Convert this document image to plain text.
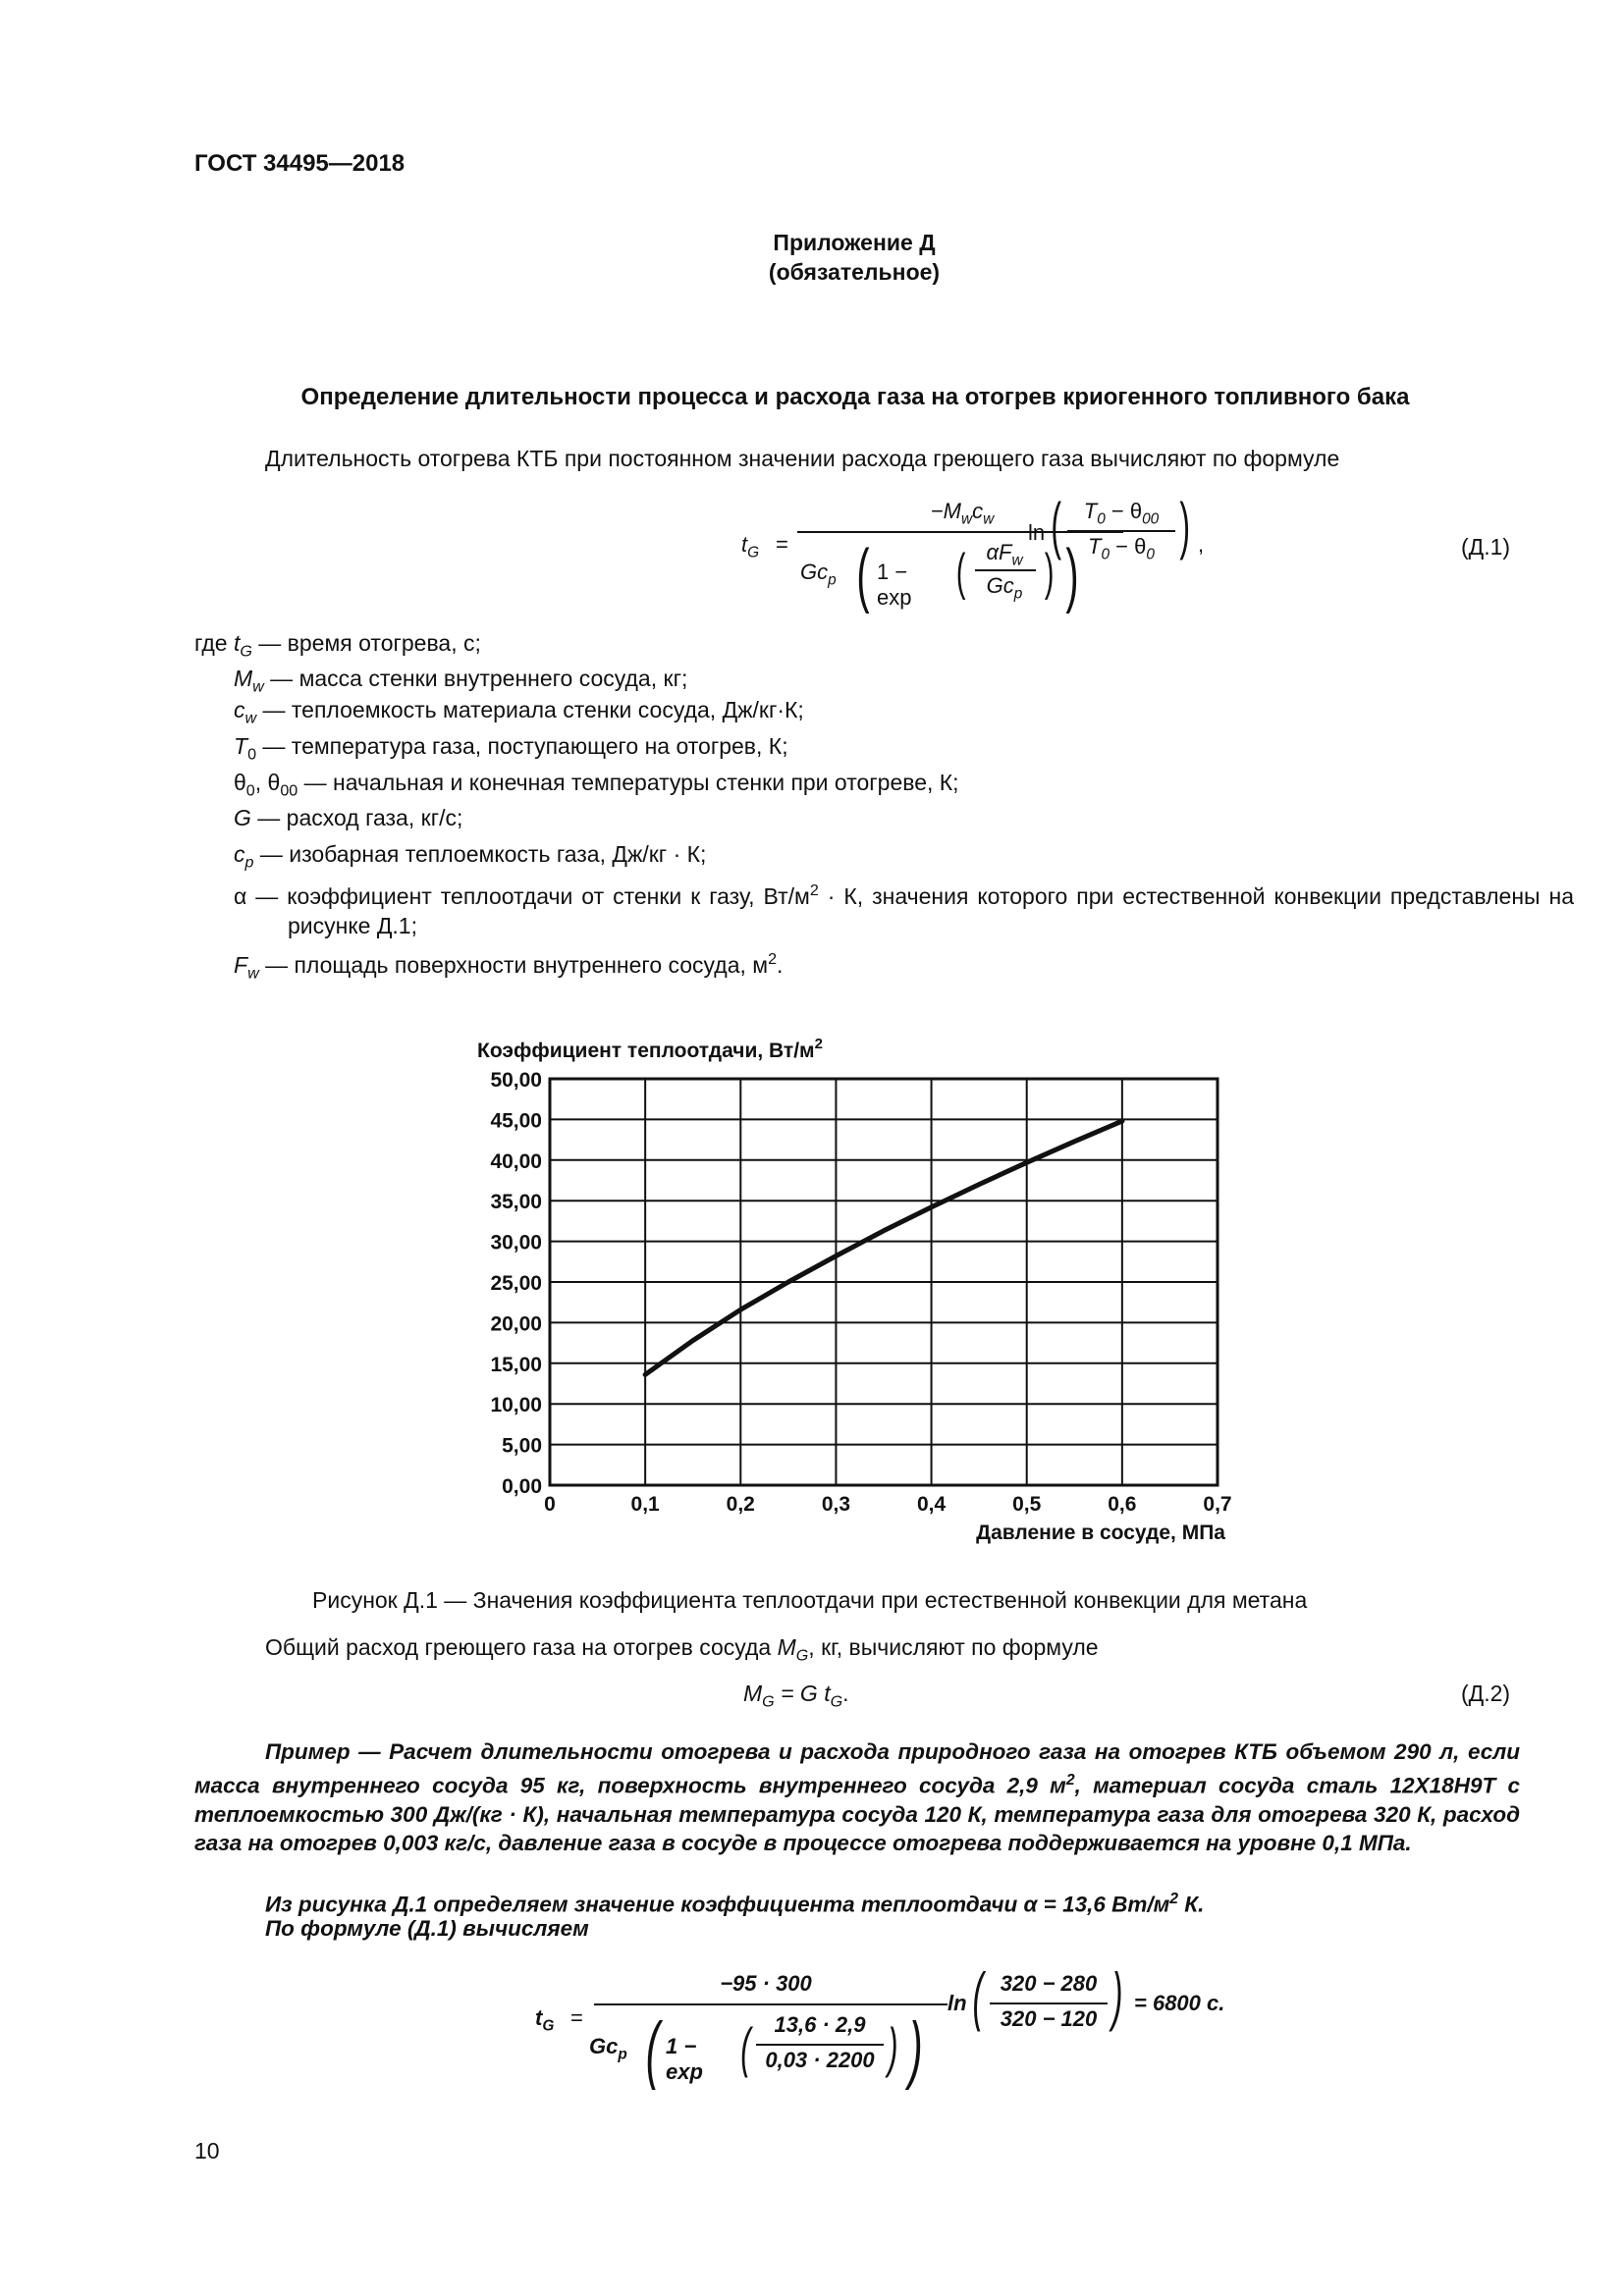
ГОСТ 34495—2018
Приложение Д
(обязательное)
Определение длительности процесса и расхода газа на отогрев криогенного топливного бака
Длительность отогрева КТБ при постоянном значении расхода греющего газа вычисляют по формуле
$t_G$ =
$-M_wc_w$
$Gc_p$ ( 1 − exp ( $\alpha F_w$
$Gc_p$ ) )
ln (	$T_0 - \theta_{00}$
$T_0 - \theta_0$ ) ,	(Д.1)
где $t_G$ — время отогрева, с;
$M_w$ — масса стенки внутреннего сосуда, кг;
$c_w$ — теплоемкость материала стенки сосуда, Дж/кг·К;
$T_0$ — температура газа, поступающего на отогрев, К;
$\theta_0$, $\theta_{00}$ — начальная и конечная температуры стенки при отогреве, К;
G — расход газа, кг/с;
$c_p$ — изобарная теплоемкость газа, Дж/кг · К;
α — коэффициент теплоотдачи от стенки к газу, $Вт/м^2 \cdot К$, значения которого при естественной конвекции представлены на рисунке Д.1;
$F_w$ — площадь поверхности внутреннего сосуда, $м^2$.
0,00
5,00
10,00
15,00
20,00
25,00
30,00
35,00
40,00
45,00
50,00
0	0,1	0,2	0,3	0,4	0,5	0,6	0,7
Коэффициент теплоотдачи, $Вт/м^2$
Давление в сосуде, МПа
Рисунок Д.1 — Значения коэффициента теплоотдачи при естественной конвекции для метана
Общий расход греющего газа на отогрев сосуда $M_G$, кг, вычисляют по формуле
$M_G = G$ $t_G$.	(Д.2)
Пример — Расчет длительности отогрева и расхода природного газа на отогрев КТБ объемом 290 л, если масса внутреннего сосуда 95 кг, поверхность внутреннего сосуда 2,9 $м^2$, материал сосуда сталь 12Х18Н9Т с теплоемкостью 300 Дж/(кг · К), начальная температура сосуда 120 К, температура газа для отогрева 320 К, расход газа на отогрев 0,003 кг/с, давление газа в сосуде в процессе отогрева поддерживается на уровне 0,1 МПа.
Из рисунка Д.1 определяем значение коэффициента теплоотдачи α = 13,6 $Вт/м^2$ К.
По формуле (Д.1) вычисляем
$t_G$ =
−95 · 300
$Gc_p$ ( 1 − exp (	13,6 · 2,9
0,03 · 2200 ) )
ln ( 320 − 280
320 − 120 ) = 6800 с.
10
